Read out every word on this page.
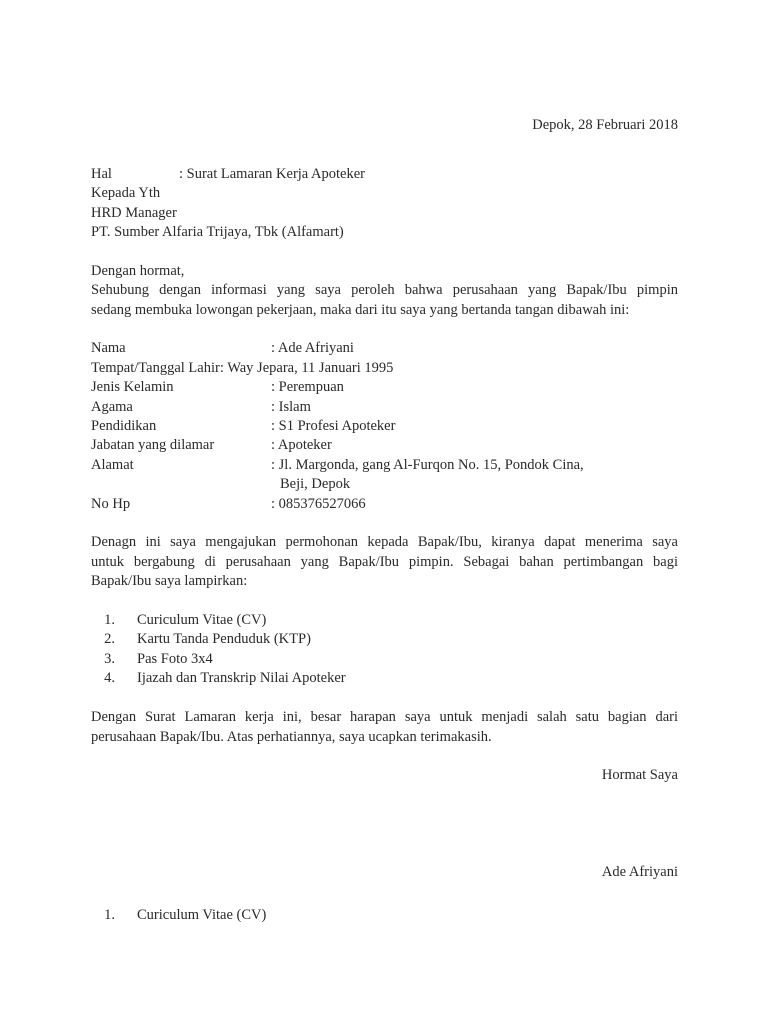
Depok, 28 Februari 2018
Hal	: Surat Lamaran Kerja Apoteker
Kepada Yth
HRD Manager
PT. Sumber Alfaria Trijaya, Tbk (Alfamart)
Dengan hormat,
Sehubung dengan informasi yang saya peroleh bahwa perusahaan yang Bapak/Ibu pimpin
sedang membuka lowongan pekerjaan, maka dari itu saya yang bertanda tangan dibawah ini:
Nama	: Ade Afriyani
Tempat/Tanggal Lahir : Way Jepara, 11 Januari 1995
Jenis Kelamin	: Perempuan
Agama	: Islam
Pendidikan	: S1 Profesi Apoteker
Jabatan yang dilamar	: Apoteker
Alamat	: Jl. Margonda, gang Al-Furqon No. 15, Pondok Cina,
Beji, Depok
No Hp	: 085376527066
Denagn ini saya mengajukan permohonan kepada Bapak/Ibu, kiranya dapat menerima saya
untuk bergabung di perusahaan yang Bapak/Ibu pimpin. Sebagai bahan pertimbangan bagi
Bapak/Ibu saya lampirkan:
1. Curiculum Vitae (CV)
2. Kartu Tanda Penduduk (KTP)
3. Pas Foto 3x4
4. Ijazah dan Transkrip Nilai Apoteker
Dengan Surat Lamaran kerja ini, besar harapan saya untuk menjadi salah satu bagian dari
perusahaan Bapak/Ibu. Atas perhatiannya, saya ucapkan terimakasih.
Hormat Saya
Ade Afriyani
1. Curiculum Vitae (CV)
